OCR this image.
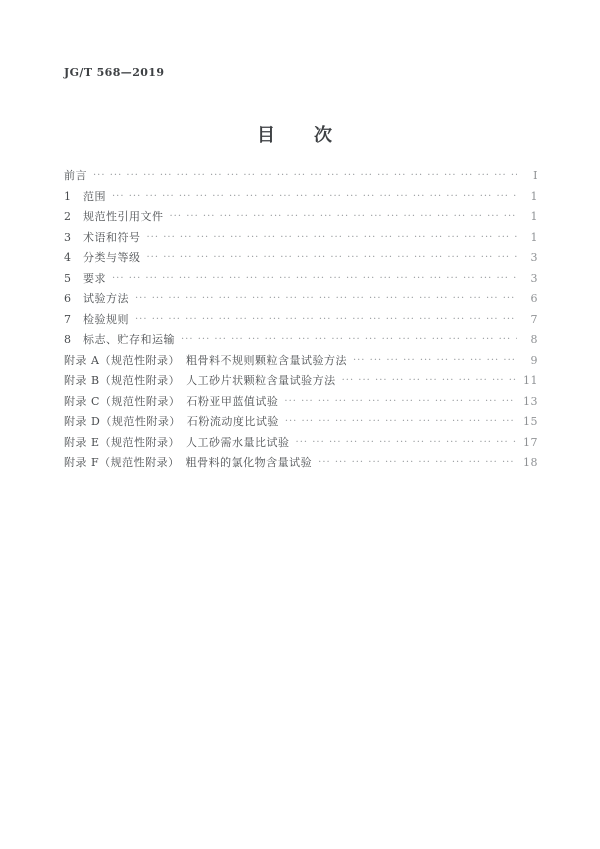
JG/T 568—2019
目　　次
前言 ··· ·	Ⅰ
1　范围 ··· ·	1
2　规范性引用文件 ··· ·	1
3　术语和符号 ··· ·	1
4　分类与等级 ··· ·	3
5　要求 ··· ·	3
6　试验方法 ··· ·	6
7　检验规则 ··· ·	7
8　标志、贮存和运输 ··· ·	8
附录 A（规范性附录）　粗骨料不规则颗粒含量试验方法 ··· ·	9
附录 B（规范性附录）　人工砂片状颗粒含量试验方法 ··· ·	11
附录 C（规范性附录）　石粉亚甲蓝值试验 ··· ·	13
附录 D（规范性附录）　石粉流动度比试验 ··· ·	15
附录 E（规范性附录）　人工砂需水量比试验 ··· ·	17
附录 F（规范性附录）　粗骨料的氯化物含量试验 ··· ·	18
